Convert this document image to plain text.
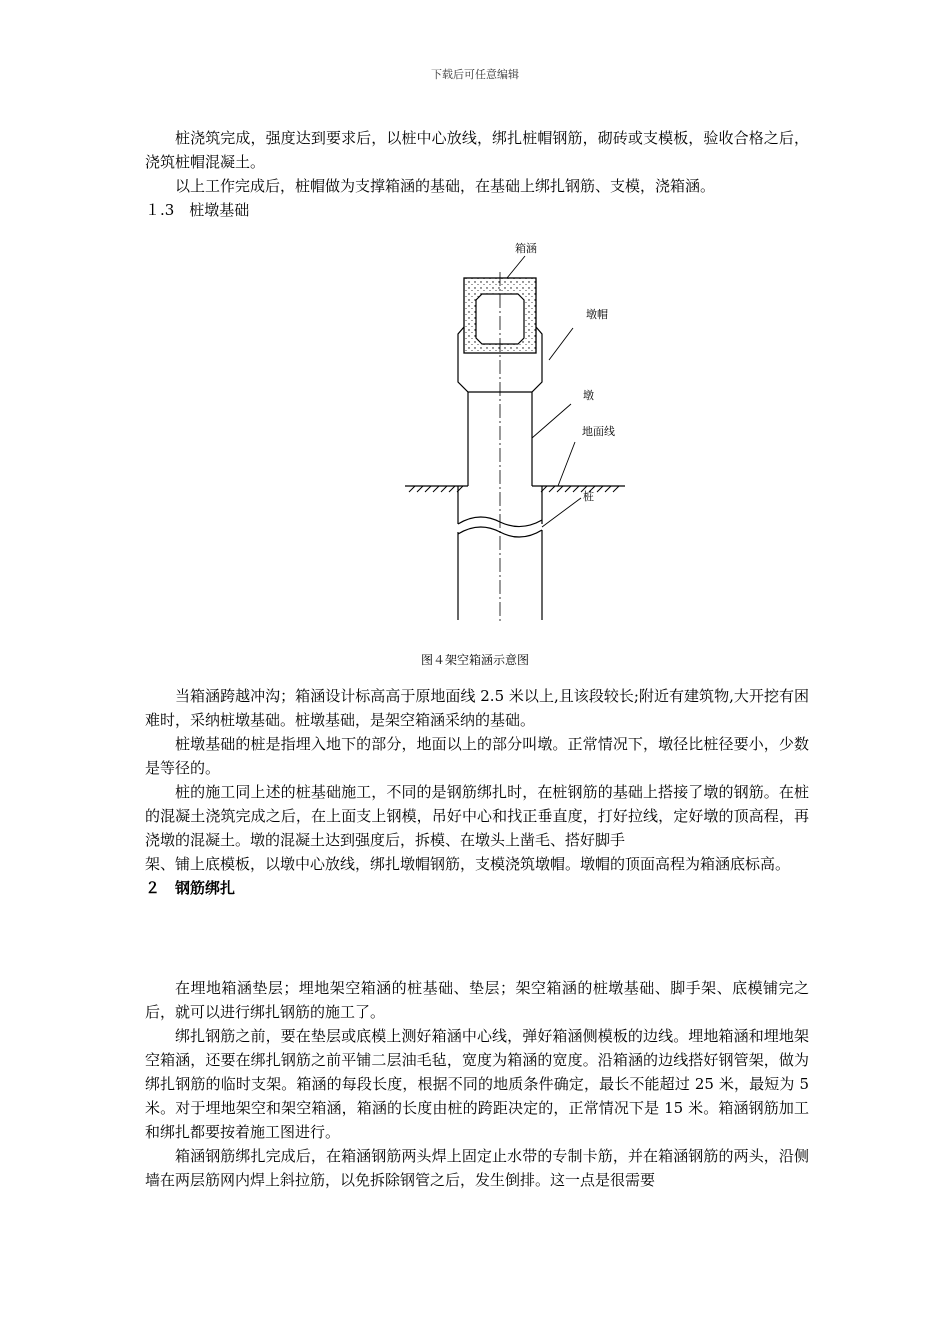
下载后可任意编辑

桩浇筑完成，强度达到要求后，以桩中心放线，绑扎桩帽钢筋，砌砖或支模板，验收合格之后，浇筑桩帽混凝土。

以上工作完成后，桩帽做为支撑箱涵的基础，在基础上绑扎钢筋、支模，浇箱涵。

１.3　桩墩基础

箱涵
墩帽
墩
地面线
桩
图４架空箱涵示意图

当箱涵跨越冲沟；箱涵设计标高高于原地面线 2.5 米以上,且该段较长;附近有建筑物,大开挖有困难时，采纳桩墩基础。桩墩基础，是架空箱涵采纳的基础。

桩墩基础的桩是指埋入地下的部分，地面以上的部分叫墩。正常情况下，墩径比桩径要小，少数是等径的。

桩的施工同上述的桩基础施工，不同的是钢筋绑扎时，在桩钢筋的基础上搭接了墩的钢筋。在桩的混凝土浇筑完成之后，在上面支上钢模，吊好中心和找正垂直度，打好拉线，定好墩的顶高程，再浇墩的混凝土。墩的混凝土达到强度后，拆模、在墩头上凿毛、搭好脚手

架、铺上底模板，以墩中心放线，绑扎墩帽钢筋，支模浇筑墩帽。墩帽的顶面高程为箱涵底标高。

２　钢筋绑扎

在埋地箱涵垫层；埋地架空箱涵的桩基础、垫层；架空箱涵的桩墩基础、脚手架、底模铺完之后，就可以进行绑扎钢筋的施工了。

绑扎钢筋之前，要在垫层或底模上测好箱涵中心线，弹好箱涵侧模板的边线。埋地箱涵和埋地架空箱涵，还要在绑扎钢筋之前平铺二层油毛毡，宽度为箱涵的宽度。沿箱涵的边线搭好钢管架，做为绑扎钢筋的临时支架。箱涵的每段长度，根据不同的地质条件确定，最长不能超过 25 米，最短为 5 米。对于埋地架空和架空箱涵，箱涵的长度由桩的跨距决定的，正常情况下是 15 米。箱涵钢筋加工和绑扎都要按着施工图进行。

箱涵钢筋绑扎完成后，在箱涵钢筋两头焊上固定止水带的专制卡筋，并在箱涵钢筋的两头，沿侧墙在两层筋网内焊上斜拉筋，以免拆除钢管之后，发生倒排。这一点是很需要
